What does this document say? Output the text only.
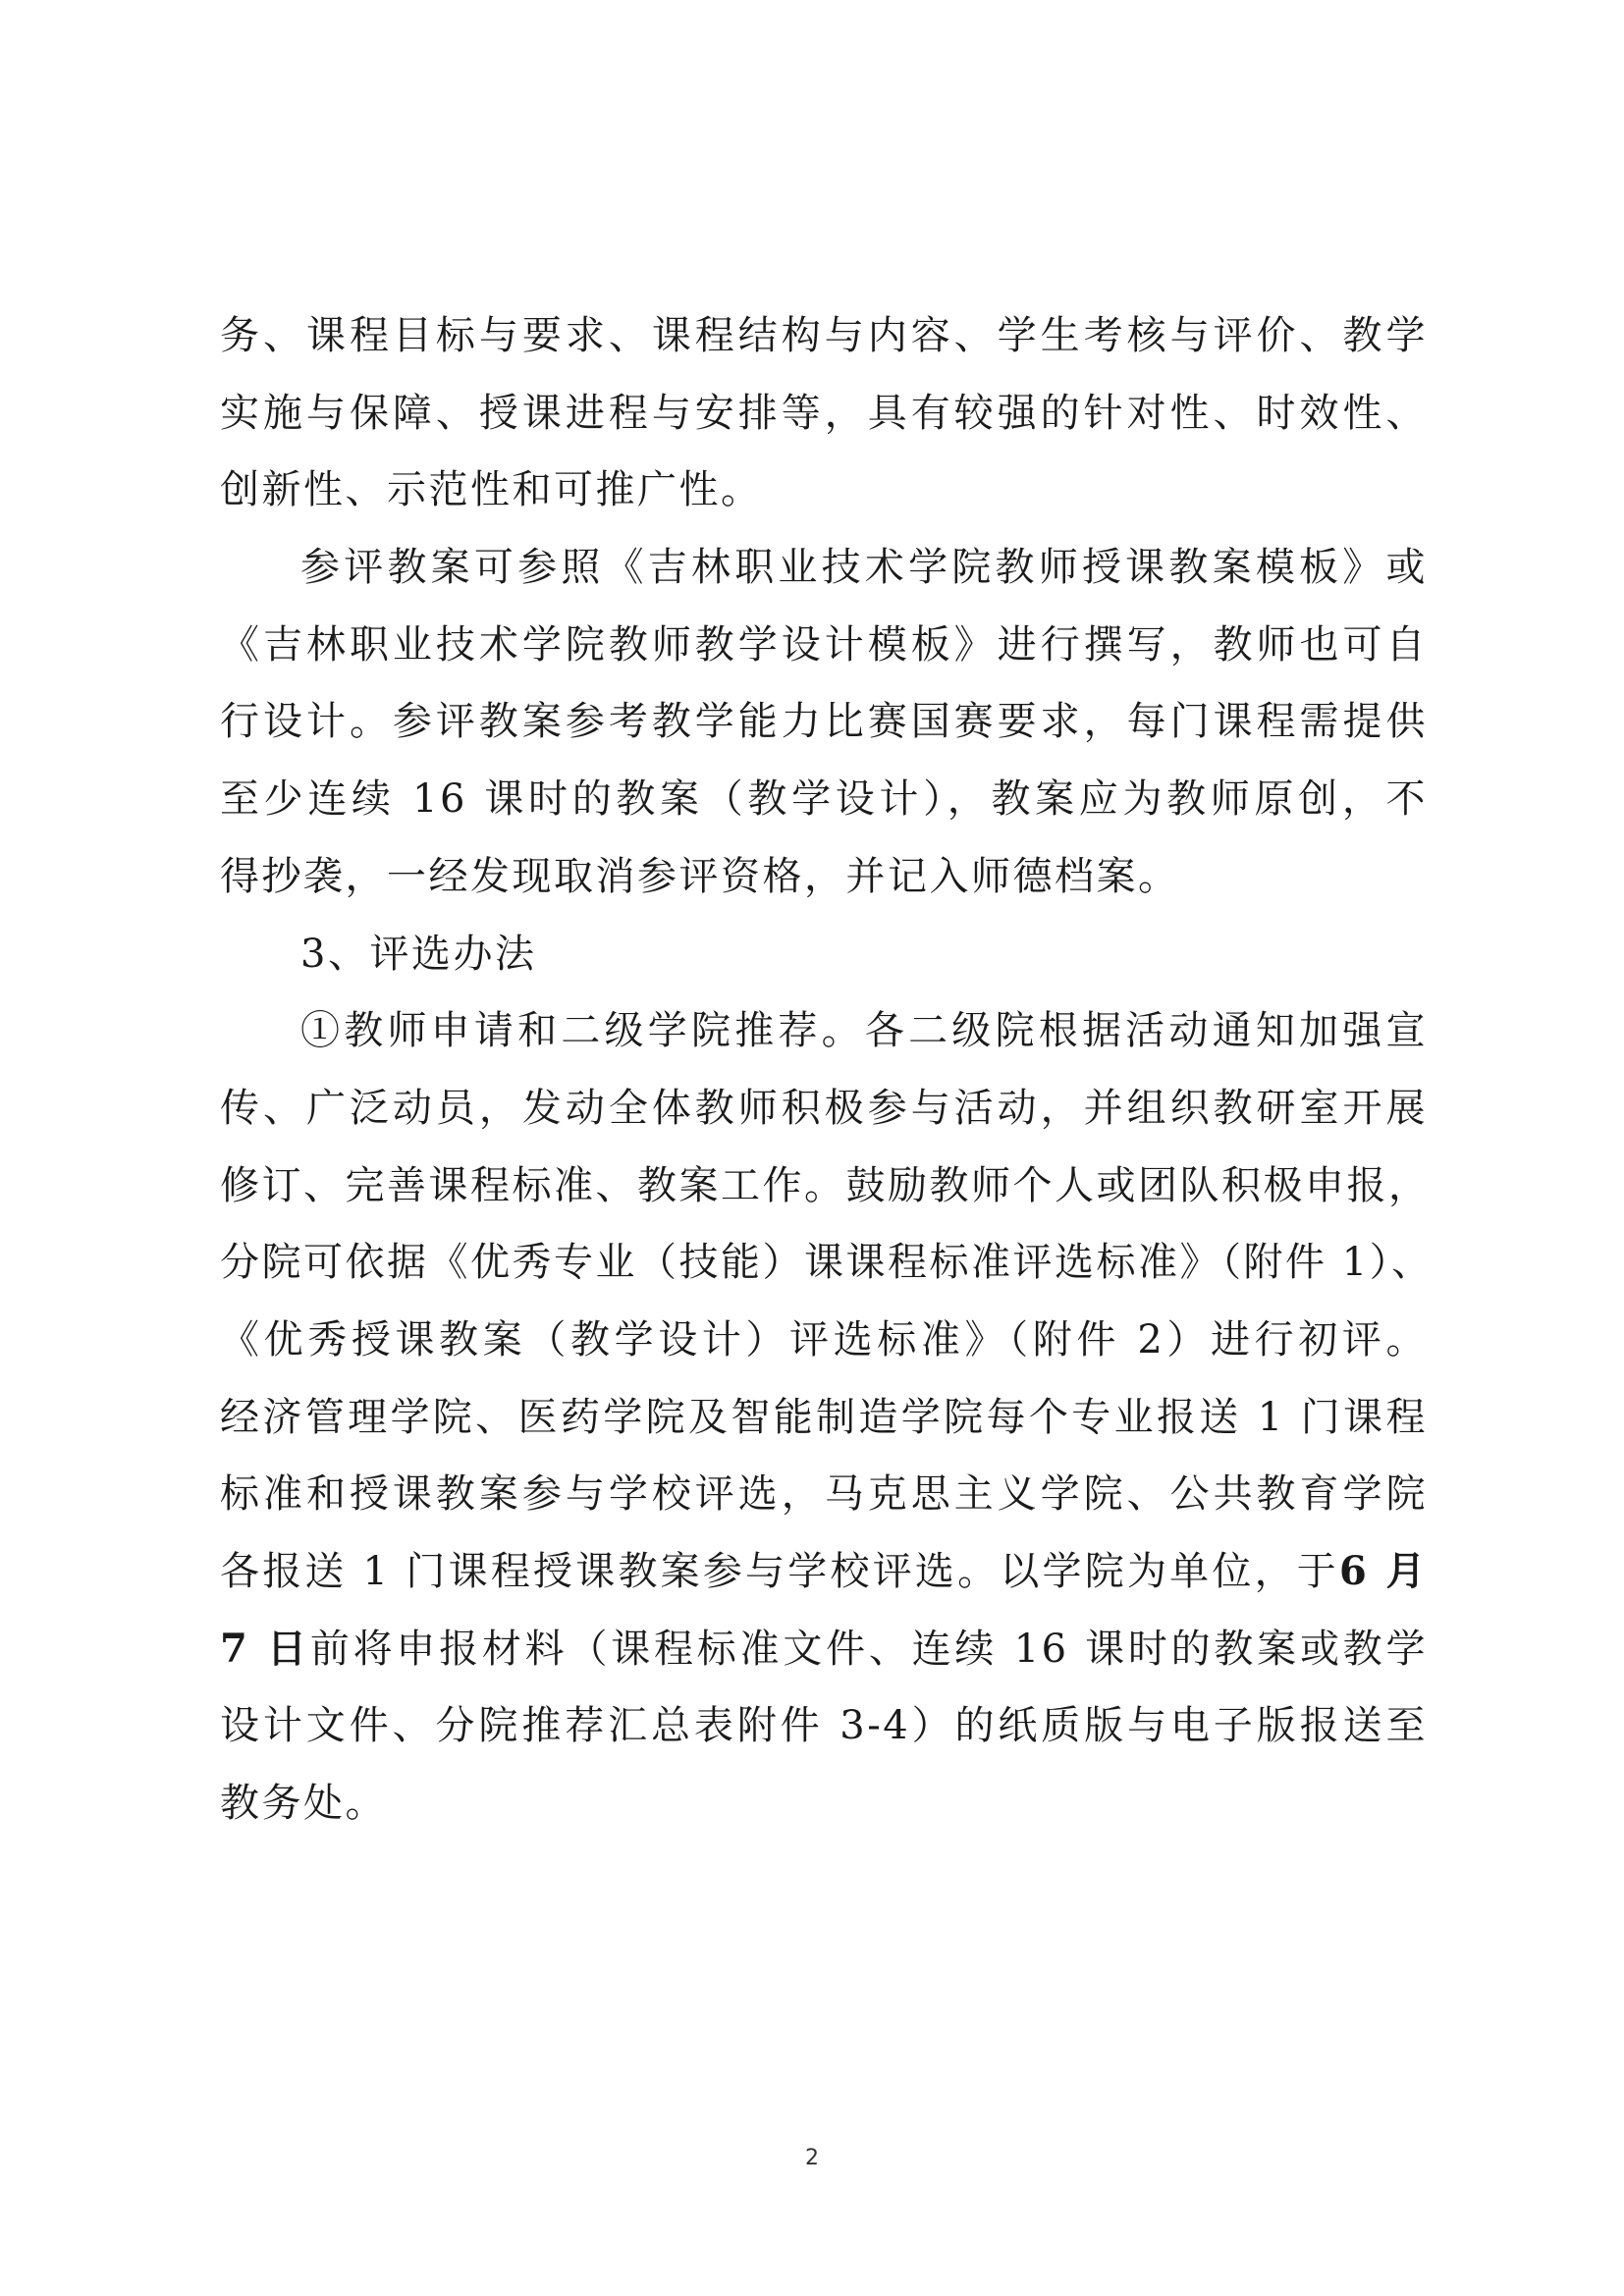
务、课程目标与要求、课程结构与内容、学生考核与评价、教学
实施与保障、授课进程与安排等，具有较强的针对性、时效性、
创新性、示范性和可推广性。
参评教案可参照《吉林职业技术学院教师授课教案模板》或
《吉林职业技术学院教师教学设计模板》进行撰写，教师也可自
行设计。参评教案参考教学能力比赛国赛要求，每门课程需提供
至少连续 16 课时的教案（教学设计），教案应为教师原创，不
得抄袭，一经发现取消参评资格，并记入师德档案。
3、评选办法
①教师申请和二级学院推荐。各二级院根据活动通知加强宣
传、广泛动员，发动全体教师积极参与活动，并组织教研室开展
修订、完善课程标准、教案工作。鼓励教师个人或团队积极申报，
分院可依据《优秀专业（技能）课课程标准评选标准》（附件 1）、
《优秀授课教案（教学设计）评选标准》（附件 2）进行初评。
经济管理学院、医药学院及智能制造学院每个专业报送 1 门课程
标准和授课教案参与学校评选，马克思主义学院、公共教育学院
各报送 1 门课程授课教案参与学校评选。以学院为单位，于6 月
7 日前将申报材料（课程标准文件、连续 16 课时的教案或教学
设计文件、分院推荐汇总表附件 3-4）的纸质版与电子版报送至
教务处。
2
